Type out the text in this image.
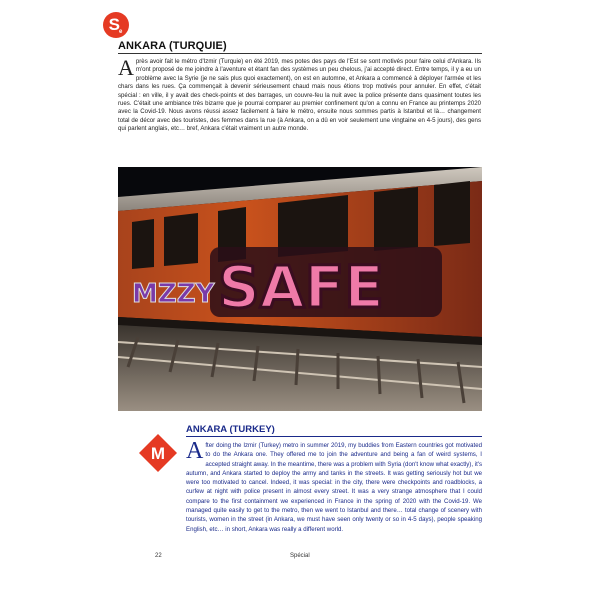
Se
ANKARA (TURQUIE)
Après avoir fait le métro d'Izmir (Turquie) en été 2019, mes potes des pays de l'Est se sont motivés pour faire celui d'Ankara. Ils m'ont proposé de me joindre à l'aventure et étant fan des systèmes un peu chelous, j'ai accepté direct. Entre temps, il y a eu un problème avec la Syrie (je ne sais plus quoi exactement), on est en automne, et Ankara a commencé à déployer l'armée et les chars dans les rues. Ça commençait à devenir sérieusement chaud mais nous étions trop motivés pour annuler. En effet, c'était spécial : en ville, il y avait des check-points et des barrages, un couvre-feu la nuit avec la police présente dans quasiment toutes les rues. C'était une ambiance très bizarre que je pourrai comparer au premier confinement qu'on a connu en France au printemps 2020 avec la Covid-19. Nous avons réussi assez facilement à faire le métro, ensuite nous sommes partis à Istanbul et là… changement total de décor avec des touristes, des femmes dans la rue (à Ankara, on a dû en voir seulement une vingtaine en 4-5 jours), des gens qui parlent anglais, etc… bref, Ankara c'était vraiment un autre monde.
SAFE
MZZY
M
ANKARA (TURKEY)
After doing the Izmir (Turkey) metro in summer 2019, my buddies from Eastern countries got motivated to do the Ankara one. They offered me to join the adventure and being a fan of weird systems, I accepted straight away. In the meantime, there was a problem with Syria (don't know what exactly), it's autumn, and Ankara started to deploy the army and tanks in the streets. It was getting seriously hot but we were too motivated to cancel. Indeed, it was special: in the city, there were checkpoints and roadblocks, a curfew at night with police present in almost every street. It was a very strange atmosphere that I could compare to the first containment we experienced in France in the spring of 2020 with the Covid-19. We managed quite easily to get to the metro, then we went to Istanbul and there… total change of scenery with tourists, women in the street (in Ankara, we must have seen only twenty or so in 4-5 days), people speaking English, etc… in short, Ankara was really a different world.
22	Spécial
